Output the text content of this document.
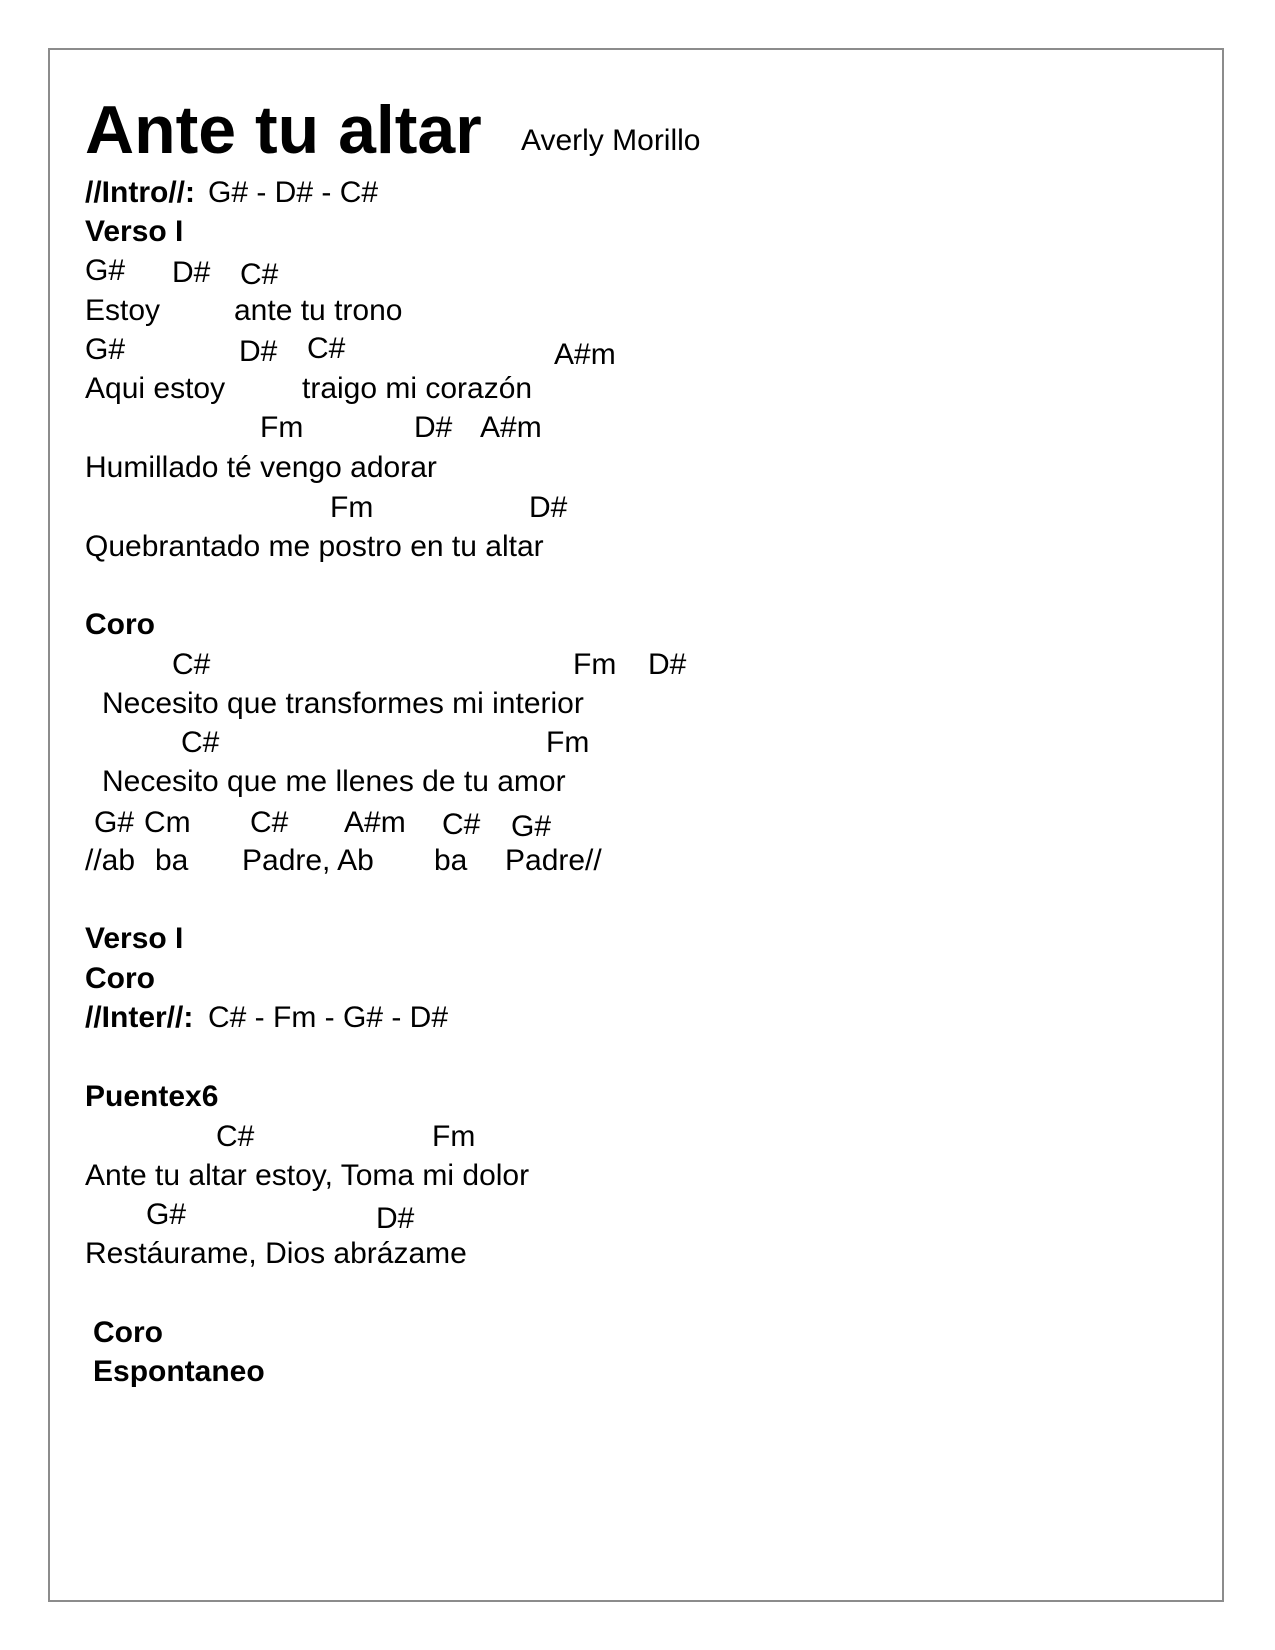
Ante tu altar Averly Morillo
//Intro//: G# - D# - C#
Verso I
G# D# C#
Estoy ante tu trono
G#	D# C#	A#m
Aqui estoy	traigo mi corazón
Fm	D# A#m
Humillado té vengo adorar
Fm	D#
Quebrantado me postro en tu altar
Coro
C#	Fm D#
Necesito que transformes mi interior
C#	Fm
Necesito que me llenes de tu amor
G# Cm C# A#m C# G#
//ab ba Padre, Ab ba Padre//
Verso I
Coro
//Inter//: C# - Fm - G# - D#
Puentex6
C#	Fm
Ante tu altar estoy, Toma mi dolor
G#	D#
Restáurame, Dios abrázame
Coro
Espontaneo
